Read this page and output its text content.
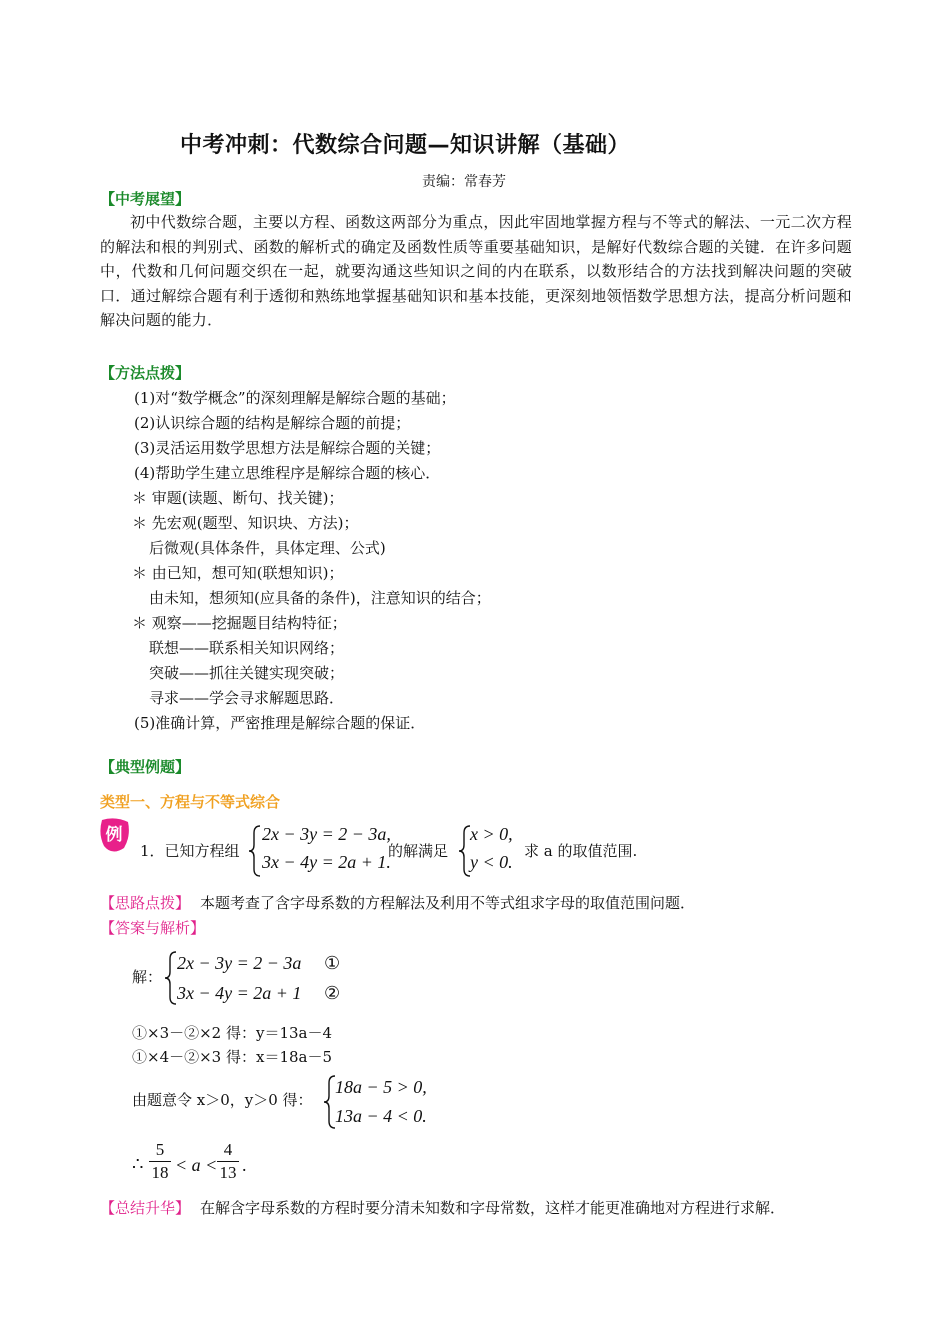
中考冲刺：代数综合问题—知识讲解（基础）
责编：常春芳
【中考展望】
初中代数综合题，主要以方程、函数这两部分为重点，因此牢固地掌握方程与不等式的解法、一元二次方程的解法和根的判别式、函数的解析式的确定及函数性质等重要基础知识，是解好代数综合题的关键．在许多问题中，代数和几何问题交织在一起，就要沟通这些知识之间的内在联系，以数形结合的方法找到解决问题的突破口．通过解综合题有利于透彻和熟练地掌握基础知识和基本技能，更深刻地领悟数学思想方法，提高分析问题和解决问题的能力．
【方法点拨】
(1)对“数学概念”的深刻理解是解综合题的基础；
(2)认识综合题的结构是解综合题的前提；
(3)灵活运用数学思想方法是解综合题的关键；
(4)帮助学生建立思维程序是解综合题的核心．
＊ 审题(读题、断句、找关键)；
＊ 先宏观(题型、知识块、方法)；
后微观(具体条件，具体定理、公式)
＊ 由已知，想可知(联想知识)；
由未知，想须知(应具备的条件)，注意知识的结合；
＊ 观察——挖掘题目结构特征；
联想——联系相关知识网络；
突破——抓往关键实现突破；
寻求——学会寻求解题思路．
(5)准确计算，严密推理是解综合题的保证．
【典型例题】
类型一、方程与不等式综合
例
1．已知方程组
2x − 3y = 2 − 3a,
3x − 4y = 2a + 1.
的解满足
x > 0,
y < 0.
求 a 的取值范围.
【思路点拨】 本题考查了含字母系数的方程解法及利用不等式组求字母的取值范围问题．
【答案与解析】
解：
2x − 3y = 2 − 3a
3x − 4y = 2a + 1
①
②
①×3－②×2 得：y＝13a－4
①×4－②×3 得：x＝18a－5
由题意令 x＞0，y＞0 得：
18a − 5 > 0,
13a − 4 < 0.
∴
5
18 < a <
4
13 .
【总结升华】 在解含字母系数的方程时要分清未知数和字母常数，这样才能更准确地对方程进行求解．
